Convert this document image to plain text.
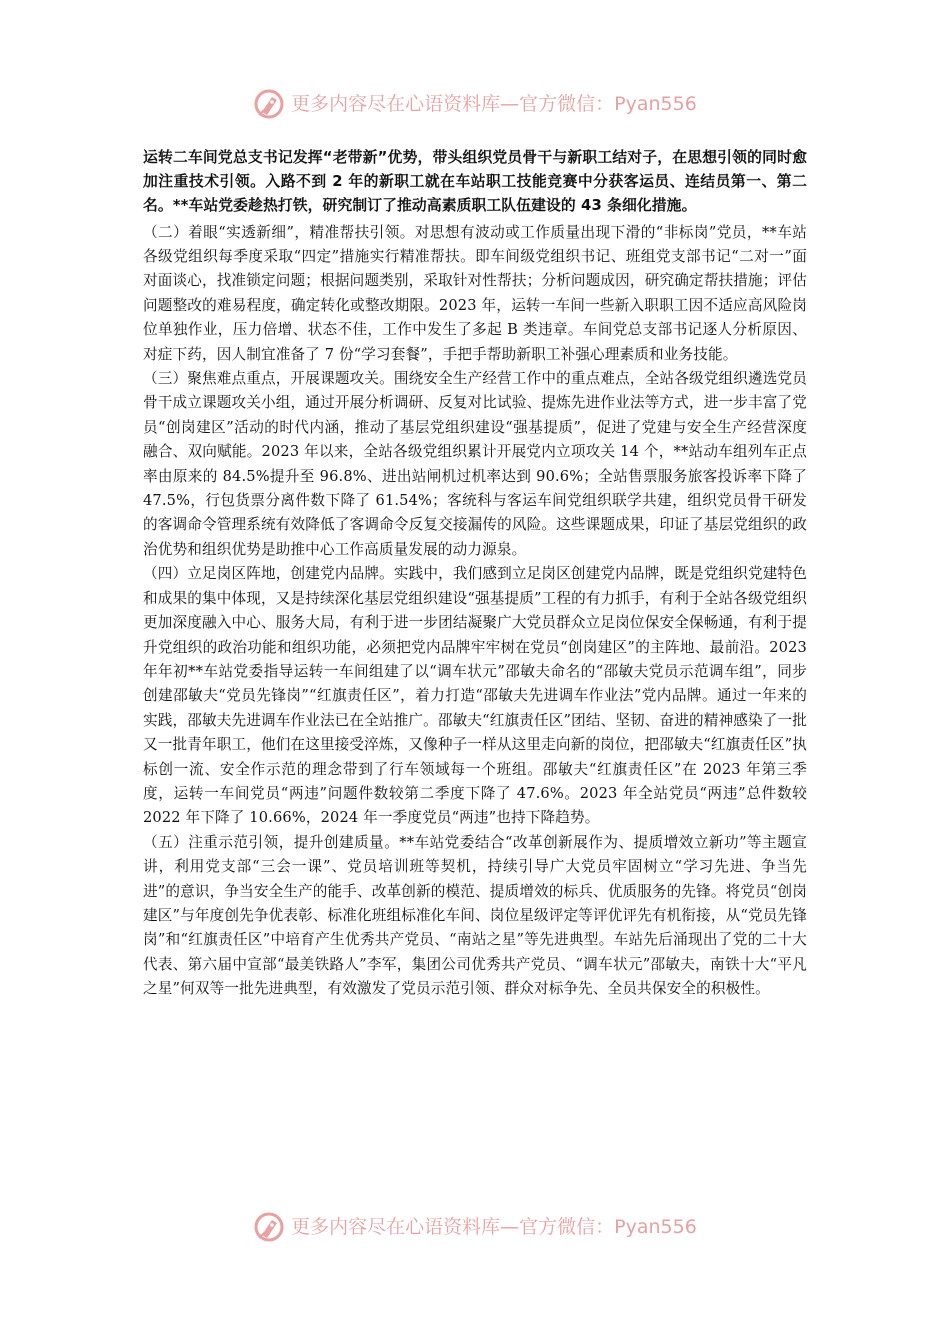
更多内容尽在心语资料库—官方微信：Pyan556

运转二车间党总支书记发挥“老带新”优势，带头组织党员骨干与新职工结对子，在思想引领的同时愈加注重技术引领。入路不到 2 年的新职工就在车站职工技能竞赛中分获客运员、连结员第一、第二名。**车站党委趁热打铁，研究制订了推动高素质职工队伍建设的 43 条细化措施。

（二）着眼“实透新细”，精准帮扶引领。对思想有波动或工作质量出现下滑的“非标岗”党员，**车站各级党组织每季度采取“四定”措施实行精准帮扶。即车间级党组织书记、班组党支部书记“二对一”面对面谈心，找准锁定问题；根据问题类别，采取针对性帮扶；分析问题成因，研究确定帮扶措施；评估问题整改的难易程度，确定转化或整改期限。2023 年，运转一车间一些新入职职工因不适应高风险岗位单独作业，压力倍增、状态不佳，工作中发生了多起 B 类违章。车间党总支部书记逐人分析原因、对症下药，因人制宜准备了 7 份“学习套餐”，手把手帮助新职工补强心理素质和业务技能。

（三）聚焦难点重点，开展课题攻关。围绕安全生产经营工作中的重点难点，全站各级党组织遴选党员骨干成立课题攻关小组，通过开展分析调研、反复对比试验、提炼先进作业法等方式，进一步丰富了党员“创岗建区”活动的时代内涵，推动了基层党组织建设“强基提质”，促进了党建与安全生产经营深度融合、双向赋能。2023 年以来，全站各级党组织累计开展党内立项攻关 14 个，**站动车组列车正点率由原来的 84.5%提升至 96.8%、进出站闸机过机率达到 90.6%；全站售票服务旅客投诉率下降了 47.5%，行包货票分离件数下降了 61.54%；客统科与客运车间党组织联学共建，组织党员骨干研发的客调命令管理系统有效降低了客调命令反复交接漏传的风险。这些课题成果，印证了基层党组织的政治优势和组织优势是助推中心工作高质量发展的动力源泉。

（四）立足岗区阵地，创建党内品牌。实践中，我们感到立足岗区创建党内品牌，既是党组织党建特色和成果的集中体现，又是持续深化基层党组织建设“强基提质”工程的有力抓手，有利于全站各级党组织更加深度融入中心、服务大局，有利于进一步团结凝聚广大党员群众立足岗位保安全保畅通，有利于提升党组织的政治功能和组织功能，必须把党内品牌牢牢树在党员“创岗建区”的主阵地、最前沿。2023 年年初**车站党委指导运转一车间组建了以“调车状元”邵敏夫命名的“邵敏夫党员示范调车组”，同步创建邵敏夫“党员先锋岗”“红旗责任区”，着力打造“邵敏夫先进调车作业法”党内品牌。通过一年来的实践，邵敏夫先进调车作业法已在全站推广。邵敏夫“红旗责任区”团结、坚韧、奋进的精神感染了一批又一批青年职工，他们在这里接受淬炼，又像种子一样从这里走向新的岗位，把邵敏夫“红旗责任区”执标创一流、安全作示范的理念带到了行车领域每一个班组。邵敏夫“红旗责任区”在 2023 年第三季度，运转一车间党员“两违”问题件数较第二季度下降了 47.6%。2023 年全站党员“两违”总件数较 2022 年下降了 10.66%，2024 年一季度党员“两违”也持下降趋势。

（五）注重示范引领，提升创建质量。**车站党委结合“改革创新展作为、提质增效立新功”等主题宣讲，利用党支部“三会一课”、党员培训班等契机，持续引导广大党员牢固树立“学习先进、争当先进”的意识，争当安全生产的能手、改革创新的模范、提质增效的标兵、优质服务的先锋。将党员“创岗建区”与年度创先争优表彰、标准化班组标准化车间、岗位星级评定等评优评先有机衔接，从“党员先锋岗”和“红旗责任区”中培育产生优秀共产党员、“南站之星”等先进典型。车站先后涌现出了党的二十大代表、第六届中宣部“最美铁路人”李军，集团公司优秀共产党员、“调车状元”邵敏夫，南铁十大“平凡之星”何双等一批先进典型，有效激发了党员示范引领、群众对标争先、全员共保安全的积极性。

更多内容尽在心语资料库—官方微信：Pyan556
